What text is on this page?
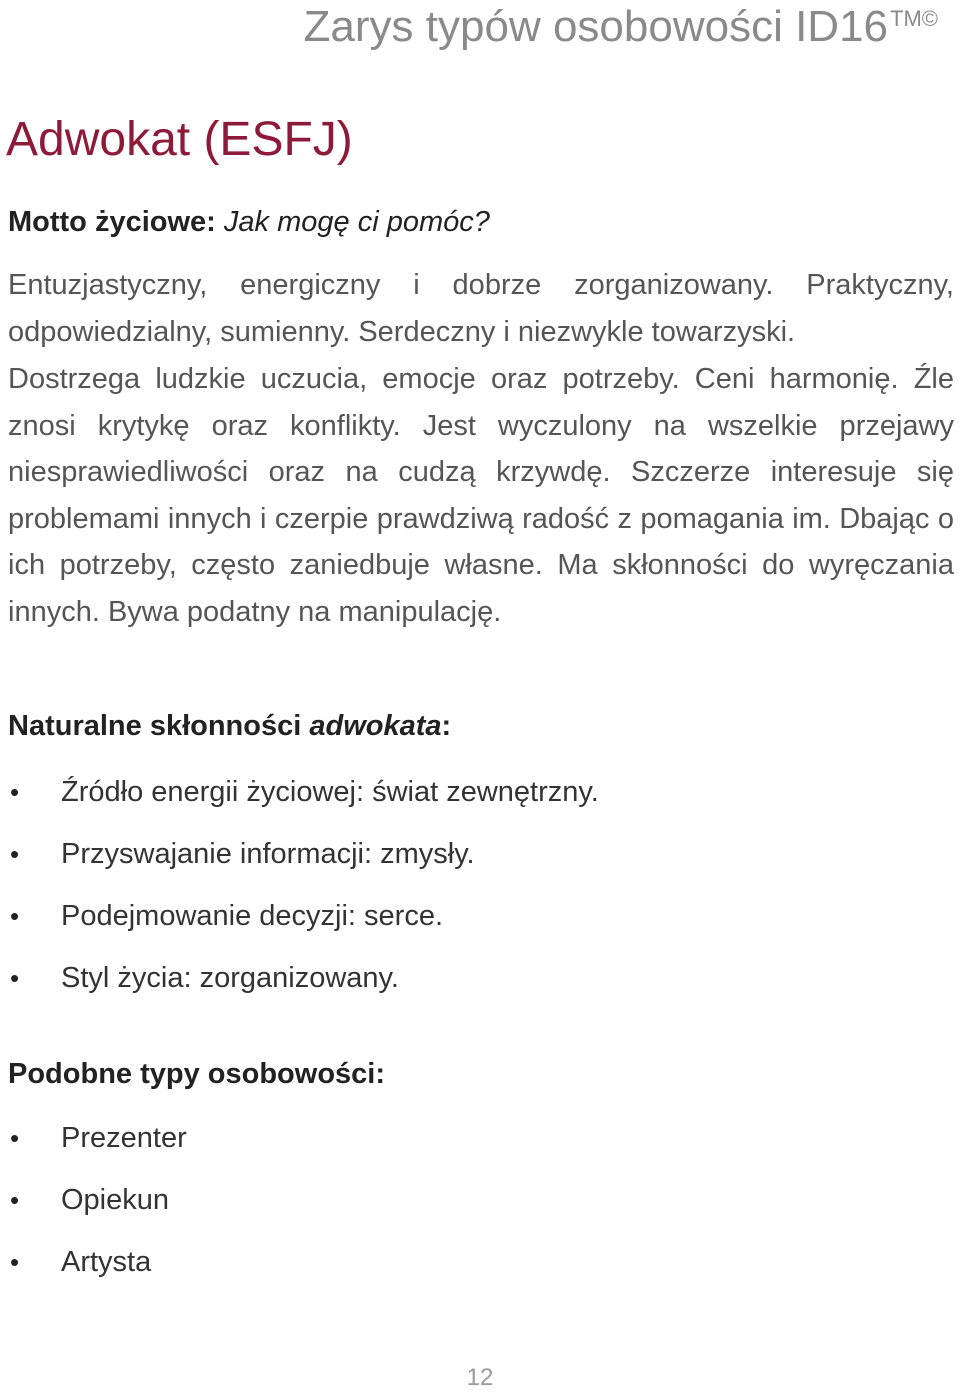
Zarys typów osobowości $ID16^{TM©}$
Adwokat (ESFJ)

Motto życiowe: Jak mogę ci pomóc?

Entuzjastyczny, energiczny i dobrze zorganizowany. Praktyczny, odpowiedzialny, sumienny. Serdeczny i niezwykle towarzyski.

Dostrzega ludzkie uczucia, emocje oraz potrzeby. Ceni harmonię. Źle znosi krytykę oraz konflikty. Jest wyczulony na wszelkie przejawy niesprawiedliwości oraz na cudzą krzywdę. Szczerze interesuje się problemami innych i czerpie prawdziwą radość z pomagania im. Dbając o ich potrzeby, często zaniedbuje własne. Ma skłonności do wyręczania innych. Bywa podatny na manipulację.

Naturalne skłonności adwokata:
• Źródło energii życiowej: świat zewnętrzny.
• Przyswajanie informacji: zmysły.
• Podejmowanie decyzji: serce.
• Styl życia: zorganizowany.
Podobne typy osobowości:
• Prezenter
• Opiekun
• Artysta

12
